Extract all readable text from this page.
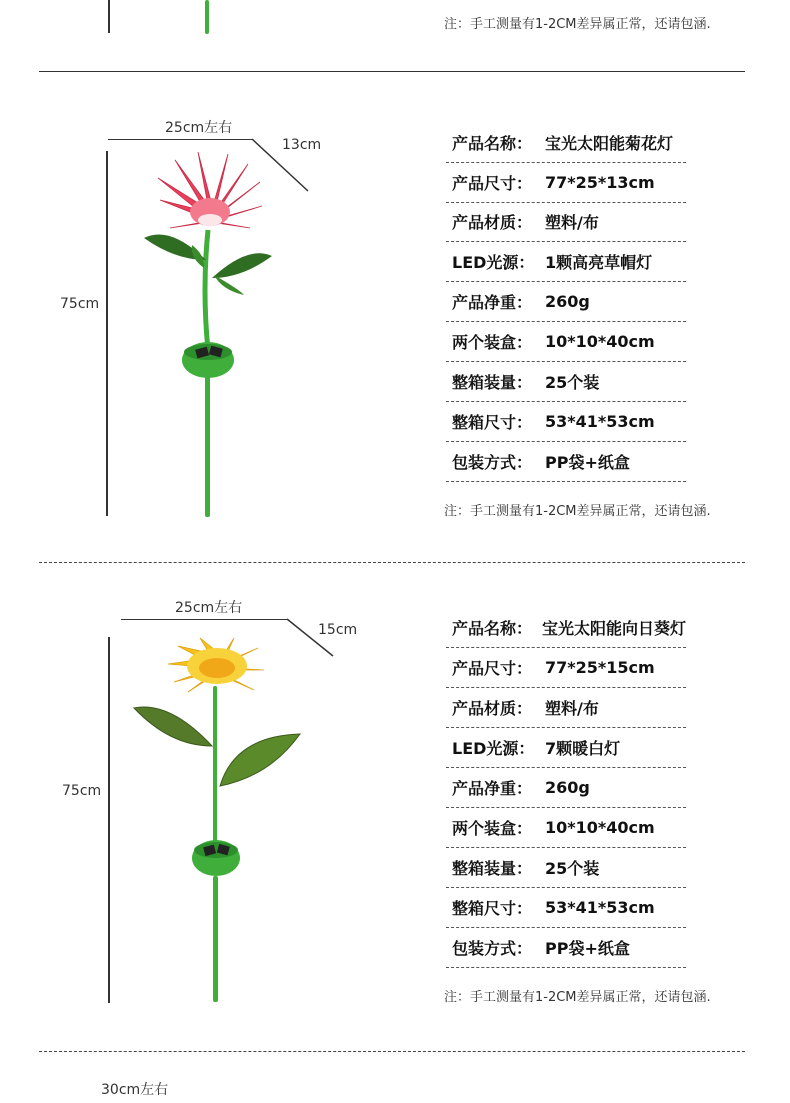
注：手工测量有1-2CM差异属正常，还请包涵.
25cm左右
13cm
75cm
产品名称： 宝光太阳能菊花灯
产品尺寸： 77*25*13cm
产品材质： 塑料/布
LED光源： 1颗高亮草帽灯
产品净重： 260g
两个装盒： 10*10*40cm
整箱装量： 25个装
整箱尺寸： 53*41*53cm
包装方式： PP袋+纸盒
注：手工测量有1-2CM差异属正常，还请包涵.
25cm左右
15cm
75cm
产品名称： 宝光太阳能向日葵灯
产品尺寸： 77*25*15cm
产品材质： 塑料/布
LED光源： 7颗暖白灯
产品净重： 260g
两个装盒： 10*10*40cm
整箱装量： 25个装
整箱尺寸： 53*41*53cm
包装方式： PP袋+纸盒
注：手工测量有1-2CM差异属正常，还请包涵.
30cm左右
